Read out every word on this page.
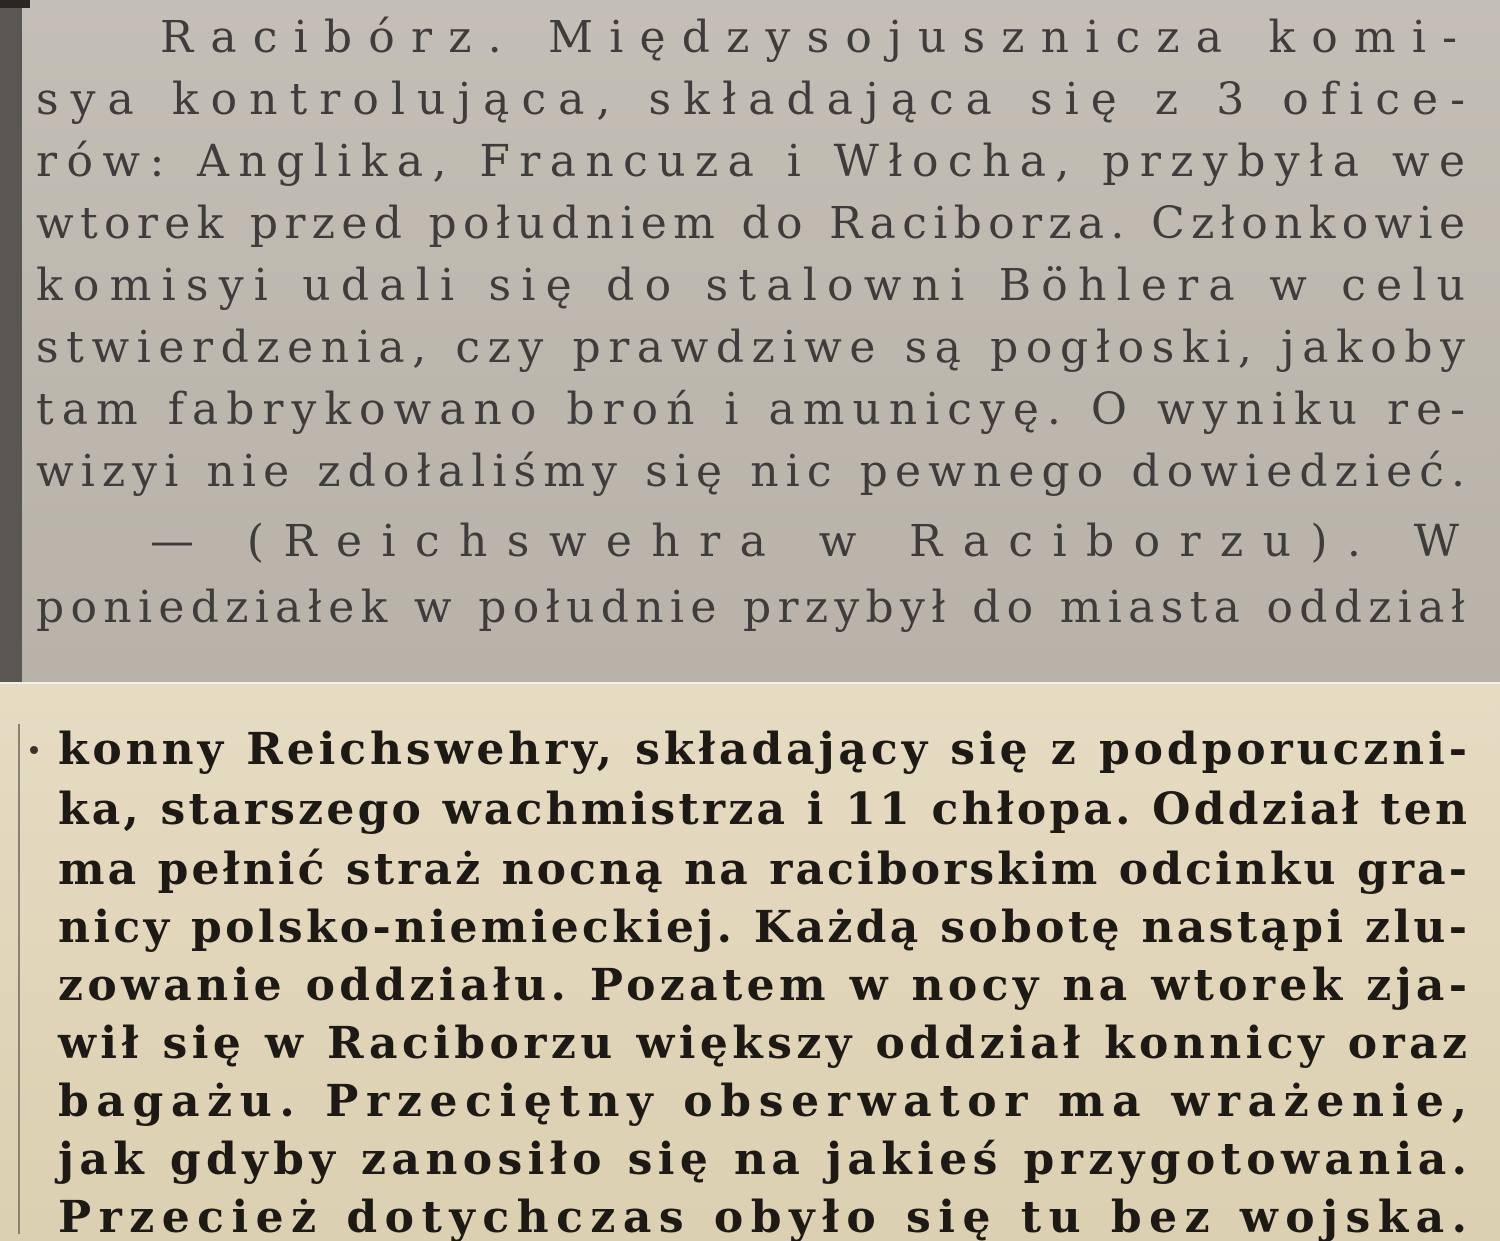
Racibórz. Międzysojusznicza komi-
sya kontrolująca, składająca się z 3 ofice-
rów: Anglika, Francuza i Włocha, przybyła we
wtorek przed południem do Raciborza. Członkowie
komisyi udali się do stalowni Böhlera w celu
stwierdzenia, czy prawdziwe są pogłoski, jakoby
tam fabrykowano broń i amunicyę. O wyniku re-
wizyi nie zdołaliśmy się nic pewnego dowiedzieć.
— (Reichswehra w Raciborzu). W
poniedziałek w południe przybył do miasta oddział
konny Reichswehry, składający się z podporuczni-
ka, starszego wachmistrza i 11 chłopa. Oddział ten
ma pełnić straż nocną na raciborskim odcinku gra-
nicy polsko-niemieckiej. Każdą sobotę nastąpi zlu-
zowanie oddziału. Pozatem w nocy na wtorek zja-
wił się w Raciborzu większy oddział konnicy oraz
bagażu. Przeciętny obserwator ma wrażenie,
jak gdyby zanosiło się na jakieś przygotowania.
Przecież dotychczas obyło się tu bez wojska.
